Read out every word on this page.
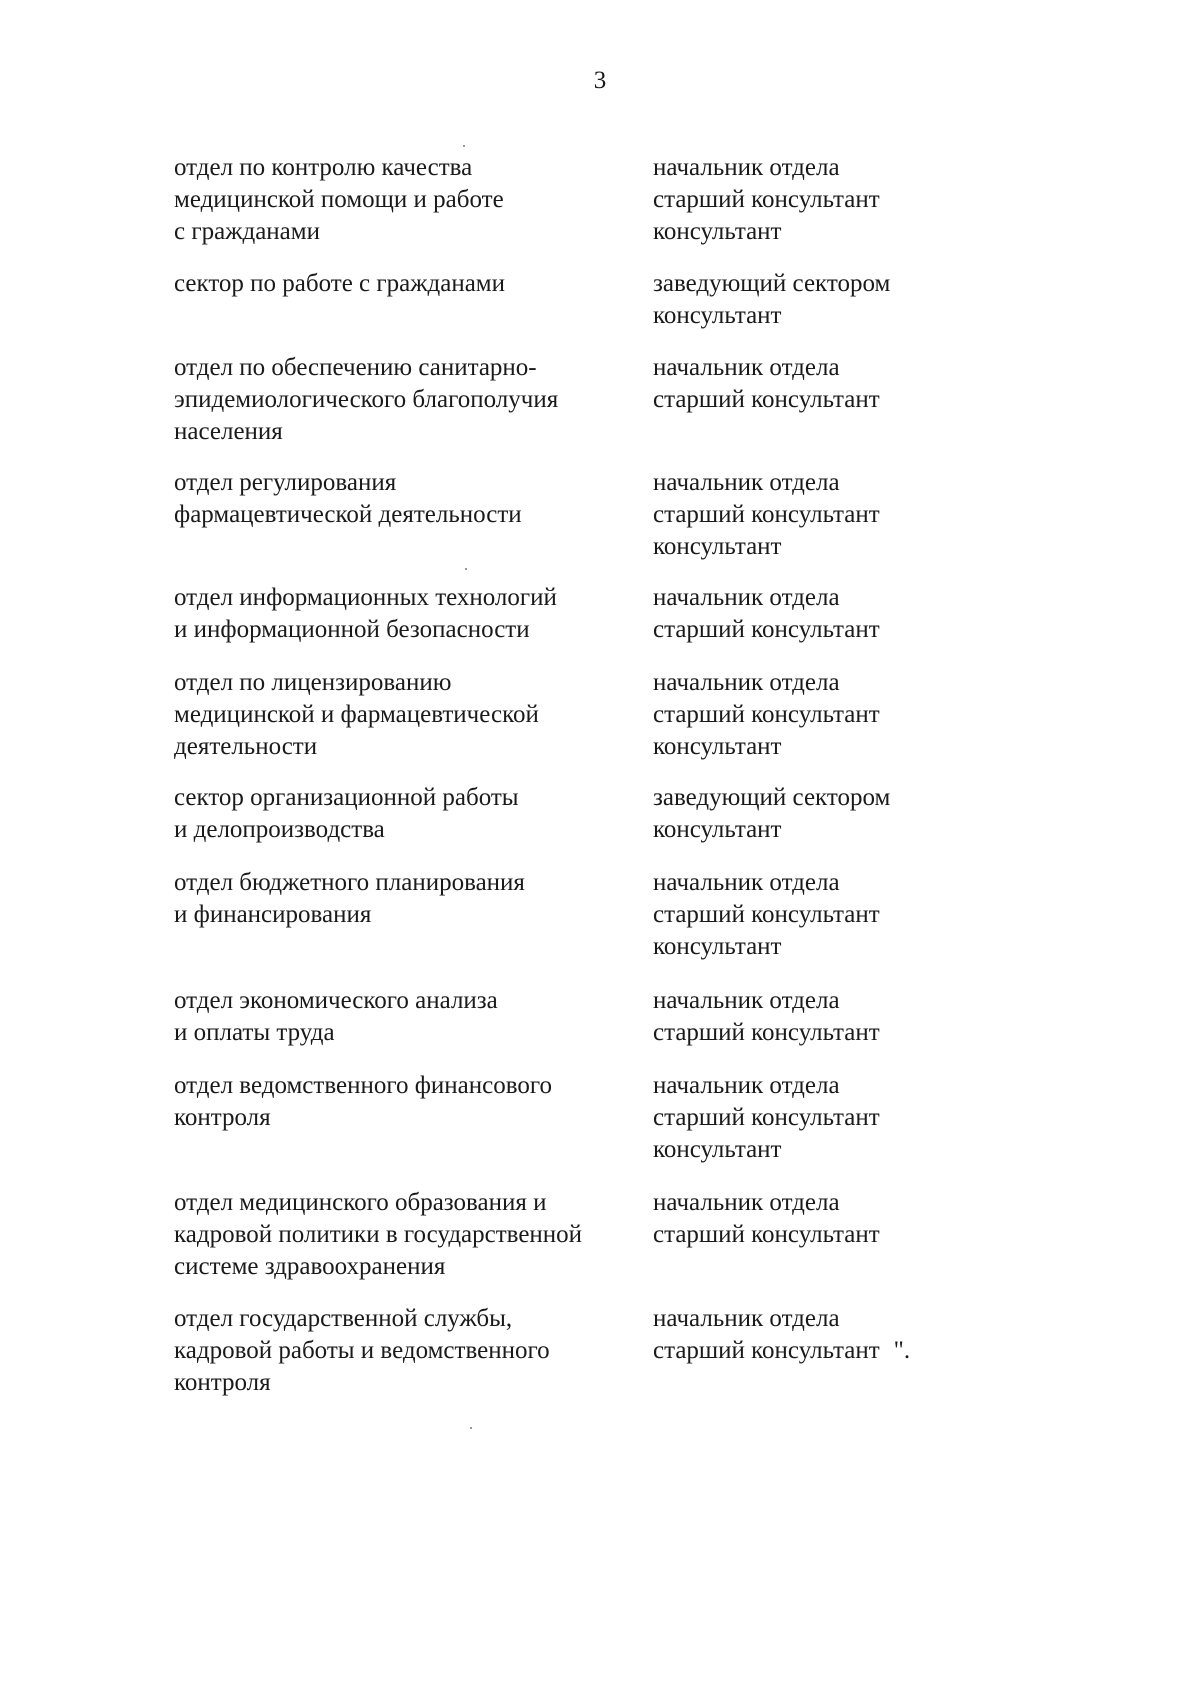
3
отдел по контролю качества
медицинской помощи и работе
с гражданами
начальник отдела
старший консультант
консультант
сектор по работе с гражданами	заведующий сектором
консультант
отдел по обеспечению санитарно-
эпидемиологического благополучия
населения
начальник отдела
старший консультант
отдел регулирования
фармацевтической деятельности
начальник отдела
старший консультант
консультант
отдел информационных технологий
и информационной безопасности
начальник отдела
старший консультант
отдел по лицензированию
медицинской и фармацевтической
деятельности
начальник отдела
старший консультант
консультант
сектор организационной работы
и делопроизводства
заведующий сектором
консультант
отдел бюджетного планирования
и финансирования
начальник отдела
старший консультант
консультант
отдел экономического анализа
и оплаты труда
начальник отдела
старший консультант
отдел ведомственного финансового
контроля
начальник отдела
старший консультант
консультант
отдел медицинского образования и
кадровой политики в государственной
системе здравоохранения
начальник отдела
старший консультант
отдел государственной службы,
кадровой работы и ведомственного
контроля
начальник отдела
старший консультант ".
